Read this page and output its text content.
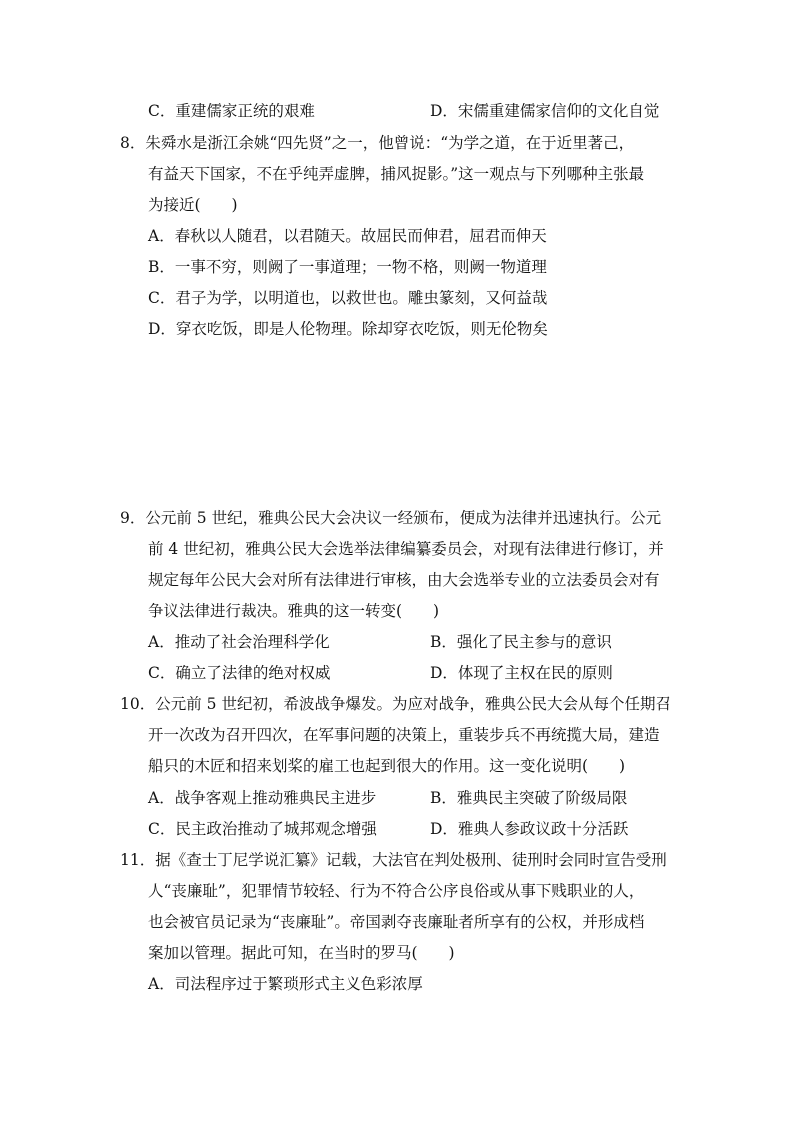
C．重建儒家正统的艰难	D．宋儒重建儒家信仰的文化自觉
8．朱舜水是浙江余姚“四先贤”之一，他曾说：“为学之道，在于近里著己，
有益天下国家，不在乎纯弄虚脾，捕风捉影。”这一观点与下列哪种主张最
为接近(　　)
A．春秋以人随君，以君随天。故屈民而伸君，屈君而伸天
B．一事不穷，则阙了一事道理；一物不格，则阙一物道理
C．君子为学，以明道也，以救世也。雕虫篆刻，又何益哉
D．穿衣吃饭，即是人伦物理。除却穿衣吃饭，则无伦物矣
9．公元前 5 世纪，雅典公民大会决议一经颁布，便成为法律并迅速执行。公元
前 4 世纪初，雅典公民大会选举法律编纂委员会，对现有法律进行修订，并
规定每年公民大会对所有法律进行审核，由大会选举专业的立法委员会对有
争议法律进行裁决。雅典的这一转变(　　)
A．推动了社会治理科学化	B．强化了民主参与的意识
C．确立了法律的绝对权威	D．体现了主权在民的原则
10．公元前 5 世纪初，希波战争爆发。为应对战争，雅典公民大会从每个任期召
开一次改为召开四次，在军事问题的决策上，重装步兵不再统揽大局，建造
船只的木匠和招来划桨的雇工也起到很大的作用。这一变化说明(　　)
A．战争客观上推动雅典民主进步	B．雅典民主突破了阶级局限
C．民主政治推动了城邦观念增强	D．雅典人参政议政十分活跃
11．据《查士丁尼学说汇纂》记载，大法官在判处极刑、徒刑时会同时宣告受刑
人“丧廉耻”，犯罪情节较轻、行为不符合公序良俗或从事下贱职业的人，
也会被官员记录为“丧廉耻”。帝国剥夺丧廉耻者所享有的公权，并形成档
案加以管理。据此可知，在当时的罗马(　　)
A．司法程序过于繁琐形式主义色彩浓厚
